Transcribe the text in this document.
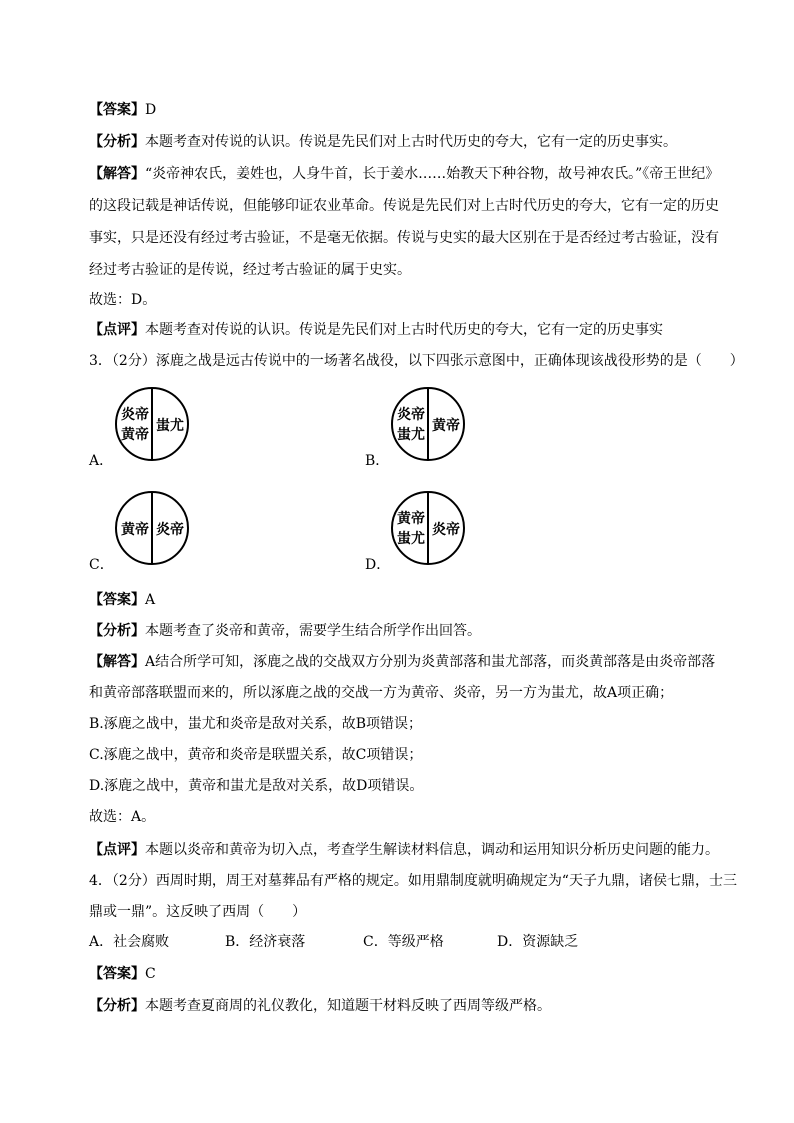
【答案】D
【分析】本题考查对传说的认识。传说是先民们对上古时代历史的夸大，它有一定的历史事实。
【解答】“炎帝神农氏，姜姓也，人身牛首，长于姜水……始教天下种谷物，故号神农氏。”《帝王世纪》
的这段记载是神话传说，但能够印证农业革命。传说是先民们对上古时代历史的夸大，它有一定的历史
事实，只是还没有经过考古验证，不是毫无依据。传说与史实的最大区别在于是否经过考古验证，没有
经过考古验证的是传说，经过考古验证的属于史实。
故选：D。
【点评】本题考查对传说的认识。传说是先民们对上古时代历史的夸大，它有一定的历史事实
3．（2分）涿鹿之战是远古传说中的一场著名战役，以下四张示意图中，正确体现该战役形势的是（　　）
A．
炎帝
黄帝
蚩尤
B．
炎帝
蚩尤
黄帝
C．
黄帝 炎帝
D．
黄帝
蚩尤
炎帝
【答案】A
【分析】本题考查了炎帝和黄帝，需要学生结合所学作出回答。
【解答】A结合所学可知，涿鹿之战的交战双方分别为炎黄部落和蚩尤部落，而炎黄部落是由炎帝部落
和黄帝部落联盟而来的，所以涿鹿之战的交战一方为黄帝、炎帝，另一方为蚩尤，故A项正确；
B.涿鹿之战中，蚩尤和炎帝是敌对关系，故B项错误；
C.涿鹿之战中，黄帝和炎帝是联盟关系，故C项错误；
D.涿鹿之战中，黄帝和蚩尤是敌对关系，故D项错误。
故选：A。
【点评】本题以炎帝和黄帝为切入点，考查学生解读材料信息，调动和运用知识分析历史问题的能力。
4．（2分）西周时期，周王对墓葬品有严格的规定。如用鼎制度就明确规定为“天子九鼎，诸侯七鼎，士三
鼎或一鼎”。这反映了西周（　　）
A．社会腐败	B．经济衰落	C．等级严格	D．资源缺乏
【答案】C
【分析】本题考查夏商周的礼仪教化，知道题干材料反映了西周等级严格。
